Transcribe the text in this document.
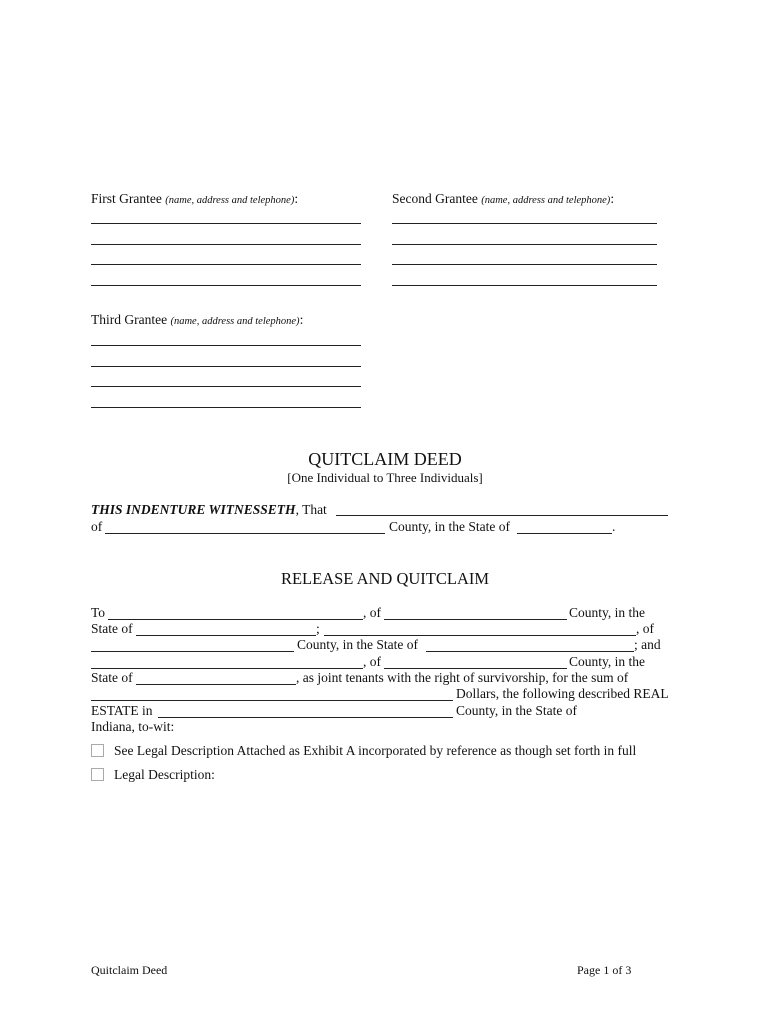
First Grantee (name, address and telephone):	Second Grantee (name, address and telephone):
Third Grantee (name, address and telephone):
QUITCLAIM DEED
[One Individual to Three Individuals]
THIS INDENTURE WITNESSETH, That
of	County, in the State of	.
RELEASE AND QUITCLAIM
To	, of	County, in the
State of	;	, of
County, in the State of	; and
, of	County, in the
State of	, as joint tenants with the right of survivorship, for the sum of
Dollars, the following described REAL
ESTATE in	County, in the State of
Indiana, to-wit:
See Legal Description Attached as Exhibit A incorporated by reference as though set forth in full
Legal Description:
Quitclaim Deed	Page 1 of 3
